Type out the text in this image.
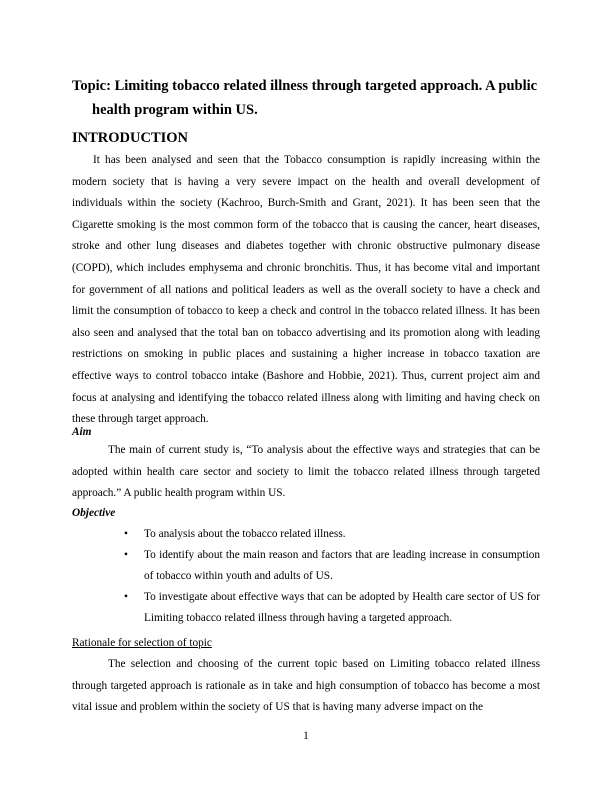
Topic: Limiting tobacco related illness through targeted approach. A public
health program within US.
INTRODUCTION
It has been analysed and seen that the Tobacco consumption is rapidly increasing within the modern society that is having a very severe impact on the health and overall development of individuals within the society (Kachroo, Burch-Smith and Grant, 2021). It has been seen that the Cigarette smoking is the most common form of the tobacco that is causing the cancer, heart diseases, stroke and other lung diseases and diabetes together with chronic obstructive pulmonary disease (COPD), which includes emphysema and chronic bronchitis. Thus, it has become vital and important for government of all nations and political leaders as well as the overall society to have a check and limit the consumption of tobacco to keep a check and control in the tobacco related illness. It has been also seen and analysed that the total ban on tobacco advertising and its promotion along with leading restrictions on smoking in public places and sustaining a higher increase in tobacco taxation are effective ways to control tobacco intake (Bashore and Hobbie, 2021). Thus, current project aim and focus at analysing and identifying the tobacco related illness along with limiting and having check on these through target approach.
Aim
The main of current study is, “To analysis about the effective ways and strategies that can be adopted within health care sector and society to limit the tobacco related illness through targeted approach.” A public health program within US.
Objective
• To analysis about the tobacco related illness.
• To identify about the main reason and factors that are leading increase in consumption of tobacco within youth and adults of US.
• To investigate about effective ways that can be adopted by Health care sector of US for Limiting tobacco related illness through having a targeted approach.
Rationale for selection of topic
The selection and choosing of the current topic based on Limiting tobacco related illness through targeted approach is rationale as in take and high consumption of tobacco has become a most vital issue and problem within the society of US that is having many adverse impact on the
1
